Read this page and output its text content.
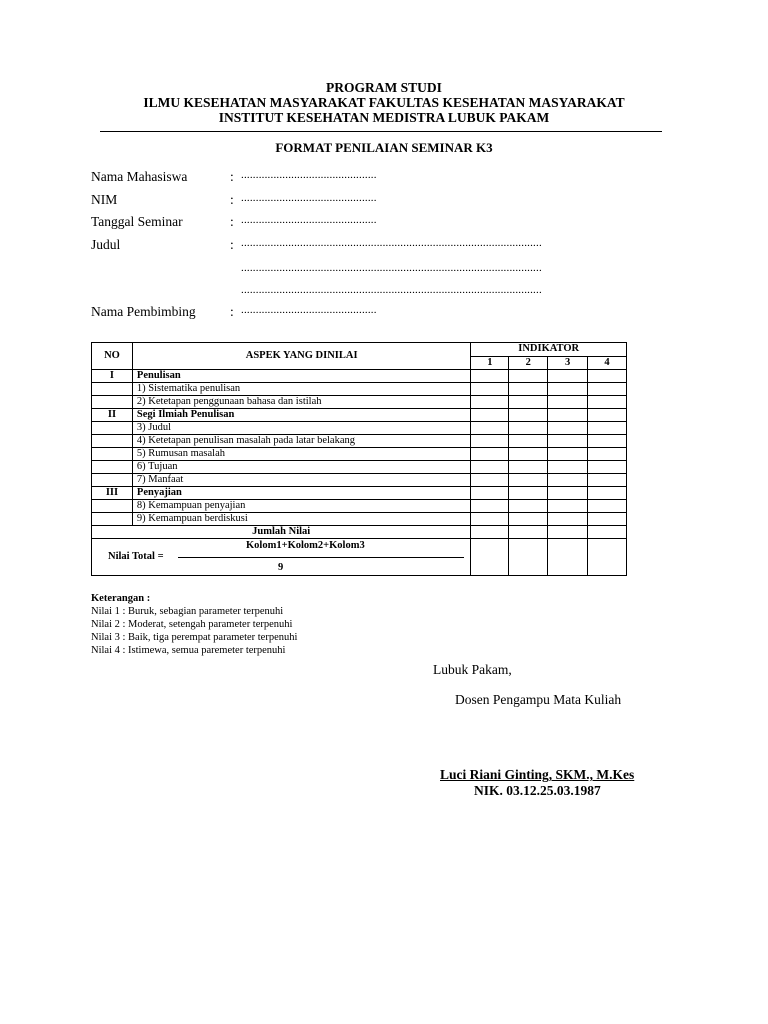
PROGRAM STUDI
ILMU KESEHATAN MASYARAKAT FAKULTAS KESEHATAN MASYARAKAT
INSTITUT KESEHATAN MEDISTRA LUBUK PAKAM
FORMAT PENILAIAN SEMINAR K3
Nama Mahasiswa	: ..............................................
NIM	: ..............................................
Tanggal Seminar	: ..............................................
Judul	: ......................................................................................................
......................................................................................................
......................................................................................................
Nama Pembimbing	: ..............................................
NO	ASPEK YANG DINILAI	INDIKATOR			
		1	2	3	4
I	Penulisan				
	1) Sistematika penulisan				
	2) Ketetapan penggunaan bahasa dan istilah				
II	Segi Ilmiah Penulisan				
	3) Judul				
	4) Ketetapan penulisan masalah pada latar belakang				
	5) Rumusan masalah				
	6) Tujuan				
	7) Manfaat				
III	Penyajian				
	8) Kemampuan penyajian				
	9) Kemampuan berdiskusi				
Jumlah Nilai					

Nilai Total =
Kolom1+Kolom2+Kolom3
9					

Keterangan :
Nilai 1 : Buruk, sebagian parameter terpenuhi
Nilai 2 : Moderat, setengah parameter terpenuhi
Nilai 3 : Baik, tiga perempat parameter terpenuhi
Nilai 4 : Istimewa, semua paremeter terpenuhi
Lubuk Pakam,
Dosen Pengampu Mata Kuliah
Luci Riani Ginting, SKM., M.Kes
NIK. 03.12.25.03.1987
